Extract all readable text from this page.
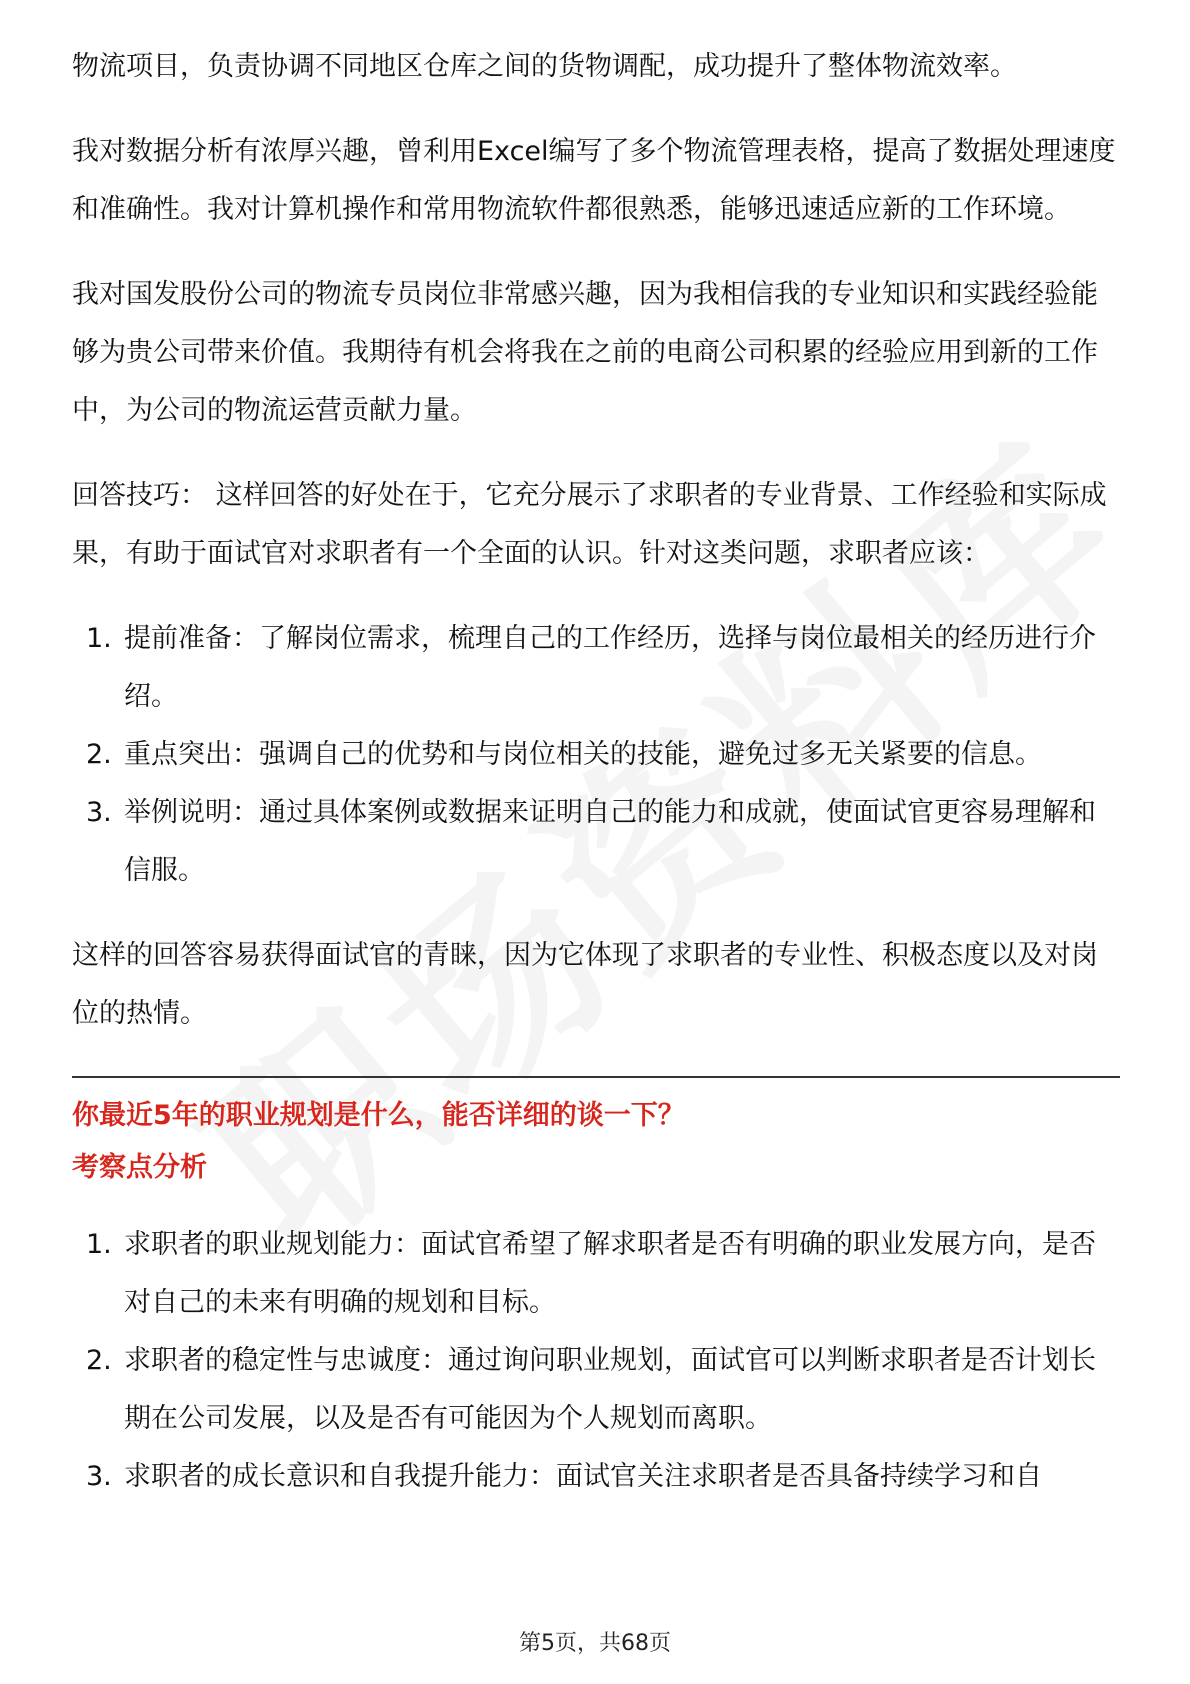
物流项目，负责协调不同地区仓库之间的货物调配，成功提升了整体物流效率。

我对数据分析有浓厚兴趣，曾利用Excel编写了多个物流管理表格，提高了数据处理速度和准确性。我对计算机操作和常用物流软件都很熟悉，能够迅速适应新的工作环境。

我对国发股份公司的物流专员岗位非常感兴趣，因为我相信我的专业知识和实践经验能够为贵公司带来价值。我期待有机会将我在之前的电商公司积累的经验应用到新的工作中，为公司的物流运营贡献力量。

回答技巧： 这样回答的好处在于，它充分展示了求职者的专业背景、工作经验和实际成果，有助于面试官对求职者有一个全面的认识。针对这类问题，求职者应该：

1. 提前准备：了解岗位需求，梳理自己的工作经历，选择与岗位最相关的经历进行介绍。
2. 重点突出：强调自己的优势和与岗位相关的技能，避免过多无关紧要的信息。
3. 举例说明：通过具体案例或数据来证明自己的能力和成就，使面试官更容易理解和信服。

这样的回答容易获得面试官的青睐，因为它体现了求职者的专业性、积极态度以及对岗位的热情。

你最近5年的职业规划是什么，能否详细的谈一下？

考察点分析

1. 求职者的职业规划能力：面试官希望了解求职者是否有明确的职业发展方向，是否对自己的未来有明确的规划和目标。
2. 求职者的稳定性与忠诚度：通过询问职业规划，面试官可以判断求职者是否计划长期在公司发展，以及是否有可能因为个人规划而离职。
3. 求职者的成长意识和自我提升能力：面试官关注求职者是否具备持续学习和自
第5页，共68页
